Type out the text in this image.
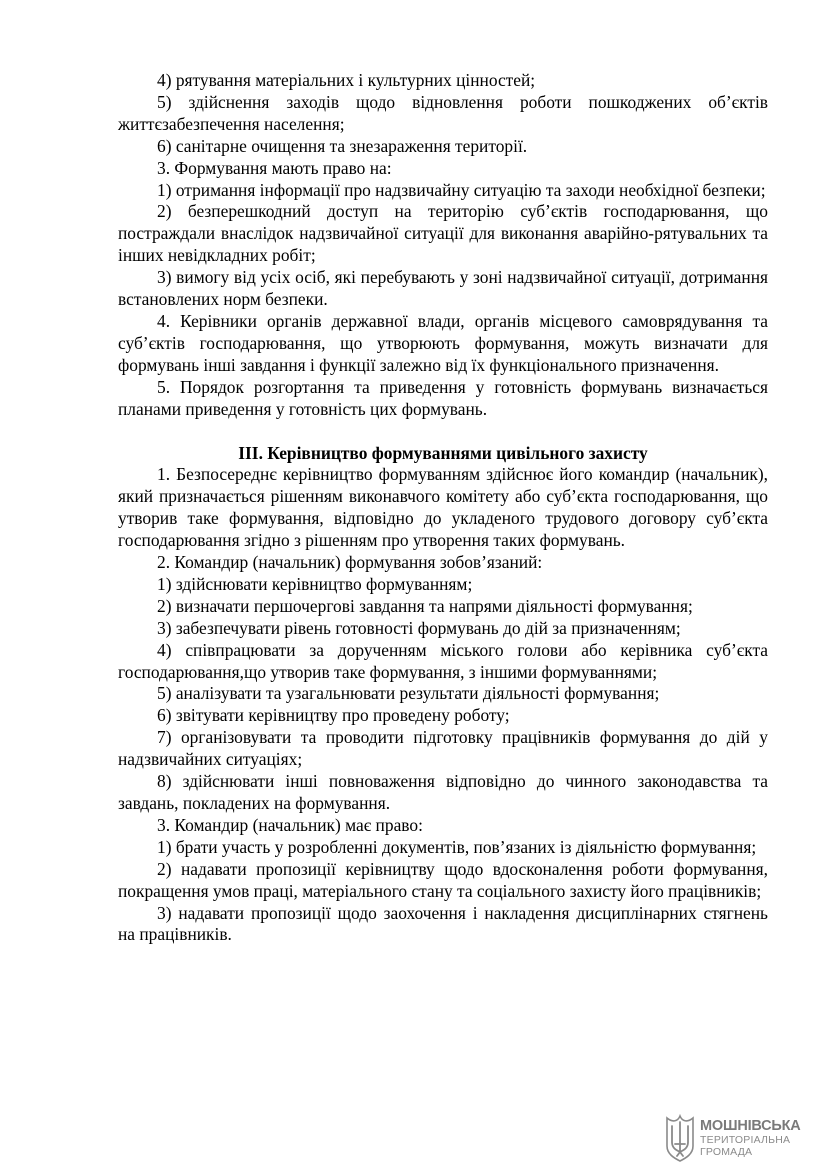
4) рятування матеріальних і культурних цінностей;

5) здійснення заходів щодо відновлення роботи пошкоджених об’єктів життєзабезпечення населення;

6) санітарне очищення та знезараження території.

3. Формування мають право на:

1) отримання інформації про надзвичайну ситуацію та заходи необхідної безпеки;

2) безперешкодний доступ на територію суб’єктів господарювання, що постраждали внаслідок надзвичайної ситуації для виконання аварійно-рятувальних та інших невідкладних робіт;

3) вимогу від усіх осіб, які перебувають у зоні надзвичайної ситуації, дотримання встановлених норм безпеки.

4. Керівники органів державної влади, органів місцевого самоврядування та суб’єктів господарювання, що утворюють формування, можуть визначати для формувань інші завдання і функції залежно від їх функціонального призначення.

5. Порядок розгортання та приведення у готовність формувань визначається планами приведення у готовність цих формувань.

ІІІ. Керівництво формуваннями цивільного захисту

1. Безпосереднє керівництво формуванням здійснює його командир (начальник), який призначається рішенням виконавчого комітету або суб’єкта господарювання, що утворив таке формування, відповідно до укладеного трудового договору суб’єкта господарювання згідно з рішенням про утворення таких формувань.

2. Командир (начальник) формування зобов’язаний:

1) здійснювати керівництво формуванням;

2) визначати першочергові завдання та напрями діяльності формування;

3) забезпечувати рівень готовності формувань до дій за призначенням;

4) співпрацювати за дорученням міського голови або керівника суб’єкта господарювання,що утворив таке формування, з іншими формуваннями;

5) аналізувати та узагальнювати результати діяльності формування;

6) звітувати керівництву про проведену роботу;

7) організовувати та проводити підготовку працівників формування до дій у надзвичайних ситуаціях;

8) здійснювати інші повноваження відповідно до чинного законодавства та завдань, покладених на формування.

3. Командир (начальник) має право:

1) брати участь у розробленні документів, пов’язаних із діяльністю формування;

2) надавати пропозиції керівництву щодо вдосконалення роботи формування, покращення умов праці, матеріального стану та соціального захисту його працівників;

3) надавати пропозиції щодо заохочення і накладення дисциплінарних стягнень на працівників.

МОШНІВСЬКА
ТЕРИТОРІАЛЬНА
ГРОМАДА
